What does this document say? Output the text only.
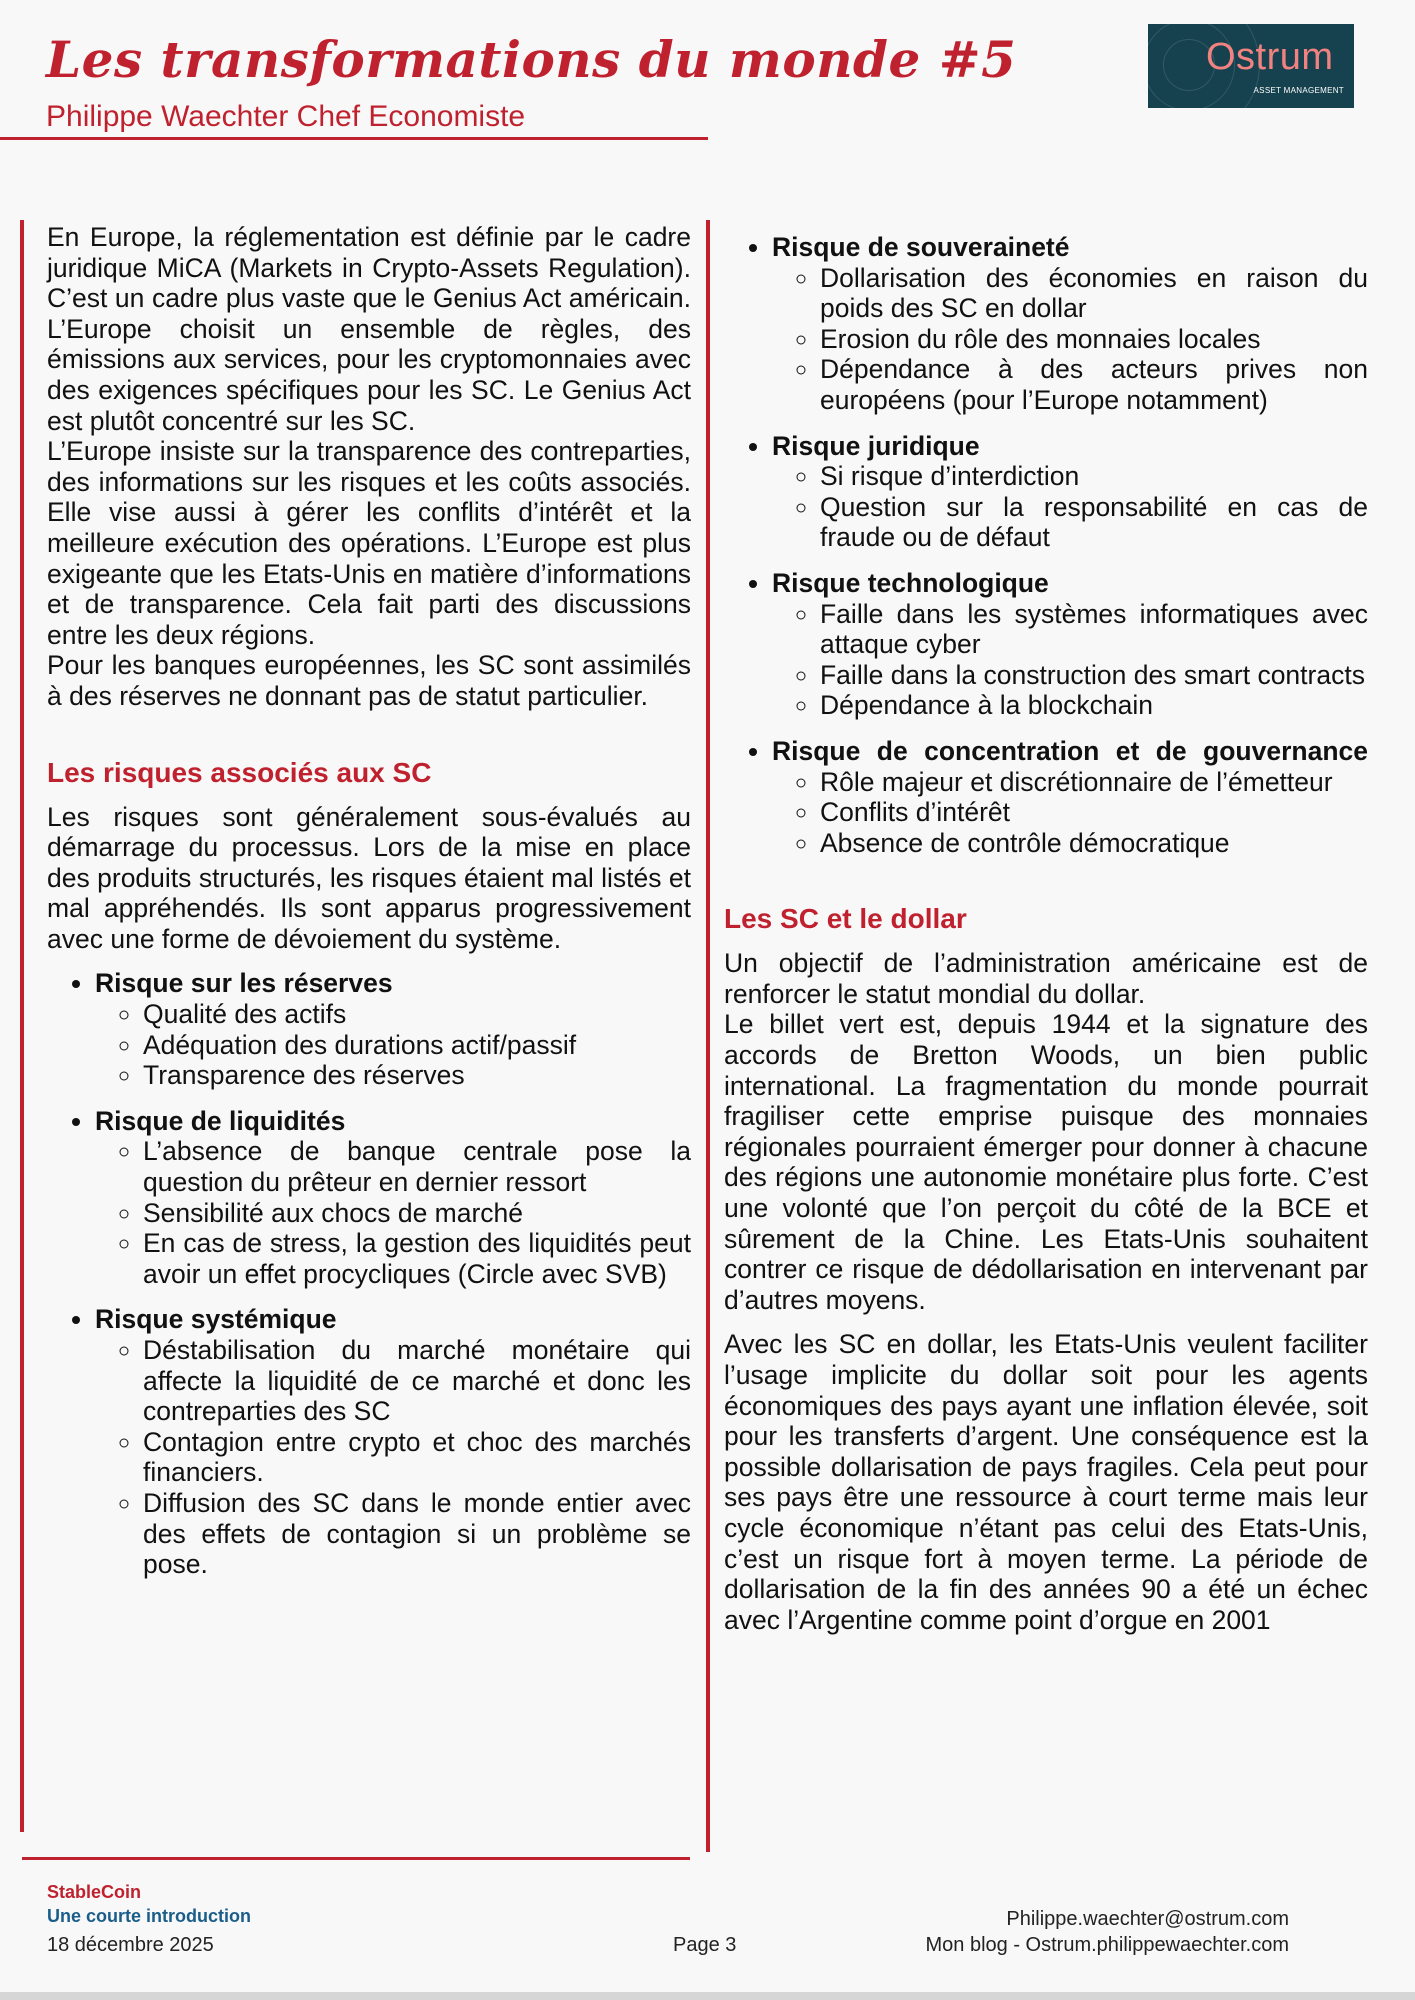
Les transformations du monde #5
Philippe Waechter Chef Economiste
Ostrum
ASSET MANAGEMENT

En Europe, la réglementation est définie par le cadre juridique MiCA (Markets in Crypto-Assets Regulation). C’est un cadre plus vaste que le Genius Act américain. L’Europe choisit un ensemble de règles, des émissions aux services, pour les cryptomonnaies avec des exigences spécifiques pour les SC. Le Genius Act est plutôt concentré sur les SC.

L’Europe insiste sur la transparence des contreparties, des informations sur les risques et les coûts associés. Elle vise aussi à gérer les conflits d’intérêt et la meilleure exécution des opérations. L’Europe est plus exigeante que les Etats-Unis en matière d’informations et de transparence. Cela fait parti des discussions entre les deux régions.

Pour les banques européennes, les SC sont assimilés à des réserves ne donnant pas de statut particulier.

Les risques associés aux SC

Les risques sont généralement sous-évalués au démarrage du processus. Lors de la mise en place des produits structurés, les risques étaient mal listés et mal appréhendés. Ils sont apparus progressivement avec une forme de dévoiement du système.

• Risque sur les réserves
◦ Qualité des actifs
◦ Adéquation des durations actif/passif
◦ Transparence des réserves
• Risque de liquidités
◦ L’absence de banque centrale pose la question du prêteur en dernier ressort
◦ Sensibilité aux chocs de marché
◦ En cas de stress, la gestion des liquidités peut avoir un effet procycliques (Circle avec SVB)
• Risque systémique
◦ Déstabilisation du marché monétaire qui affecte la liquidité de ce marché et donc les contreparties des SC
◦ Contagion entre crypto et choc des marchés financiers.
◦ Diffusion des SC dans le monde entier avec des effets de contagion si un problème se pose.
• Risque de souveraineté
◦ Dollarisation des économies en raison du poids des SC en dollar
◦ Erosion du rôle des monnaies locales
◦ Dépendance à des acteurs prives non européens (pour l’Europe notamment)
• Risque juridique
◦ Si risque d’interdiction
◦ Question sur la responsabilité en cas de fraude ou de défaut
• Risque technologique
◦ Faille dans les systèmes informatiques avec attaque cyber
◦ Faille dans la construction des smart contracts
◦ Dépendance à la blockchain
• Risque de concentration et de gouvernance
◦ Rôle majeur et discrétionnaire de l’émetteur
◦ Conflits d’intérêt
◦ Absence de contrôle démocratique
Les SC et le dollar

Un objectif de l’administration américaine est de renforcer le statut mondial du dollar.

Le billet vert est, depuis 1944 et la signature des accords de Bretton Woods, un bien public international. La fragmentation du monde pourrait fragiliser cette emprise puisque des monnaies régionales pourraient émerger pour donner à chacune des régions une autonomie monétaire plus forte. C’est une volonté que l’on perçoit du côté de la BCE et sûrement de la Chine. Les Etats-Unis souhaitent contrer ce risque de dédollarisation en intervenant par d’autres moyens.

Avec les SC en dollar, les Etats-Unis veulent faciliter l’usage implicite du dollar soit pour les agents économiques des pays ayant une inflation élevée, soit pour les transferts d’argent. Une conséquence est la possible dollarisation de pays fragiles. Cela peut pour ses pays être une ressource à court terme mais leur cycle économique n’étant pas celui des Etats-Unis, c’est un risque fort à moyen terme. La période de dollarisation de la fin des années 90 a été un échec avec l’Argentine comme point d’orgue en 2001

StableCoin
Une courte introduction
18 décembre 2025	Page 3
Philippe.waechter@ostrum.com
Mon blog - Ostrum.philippewaechter.com
